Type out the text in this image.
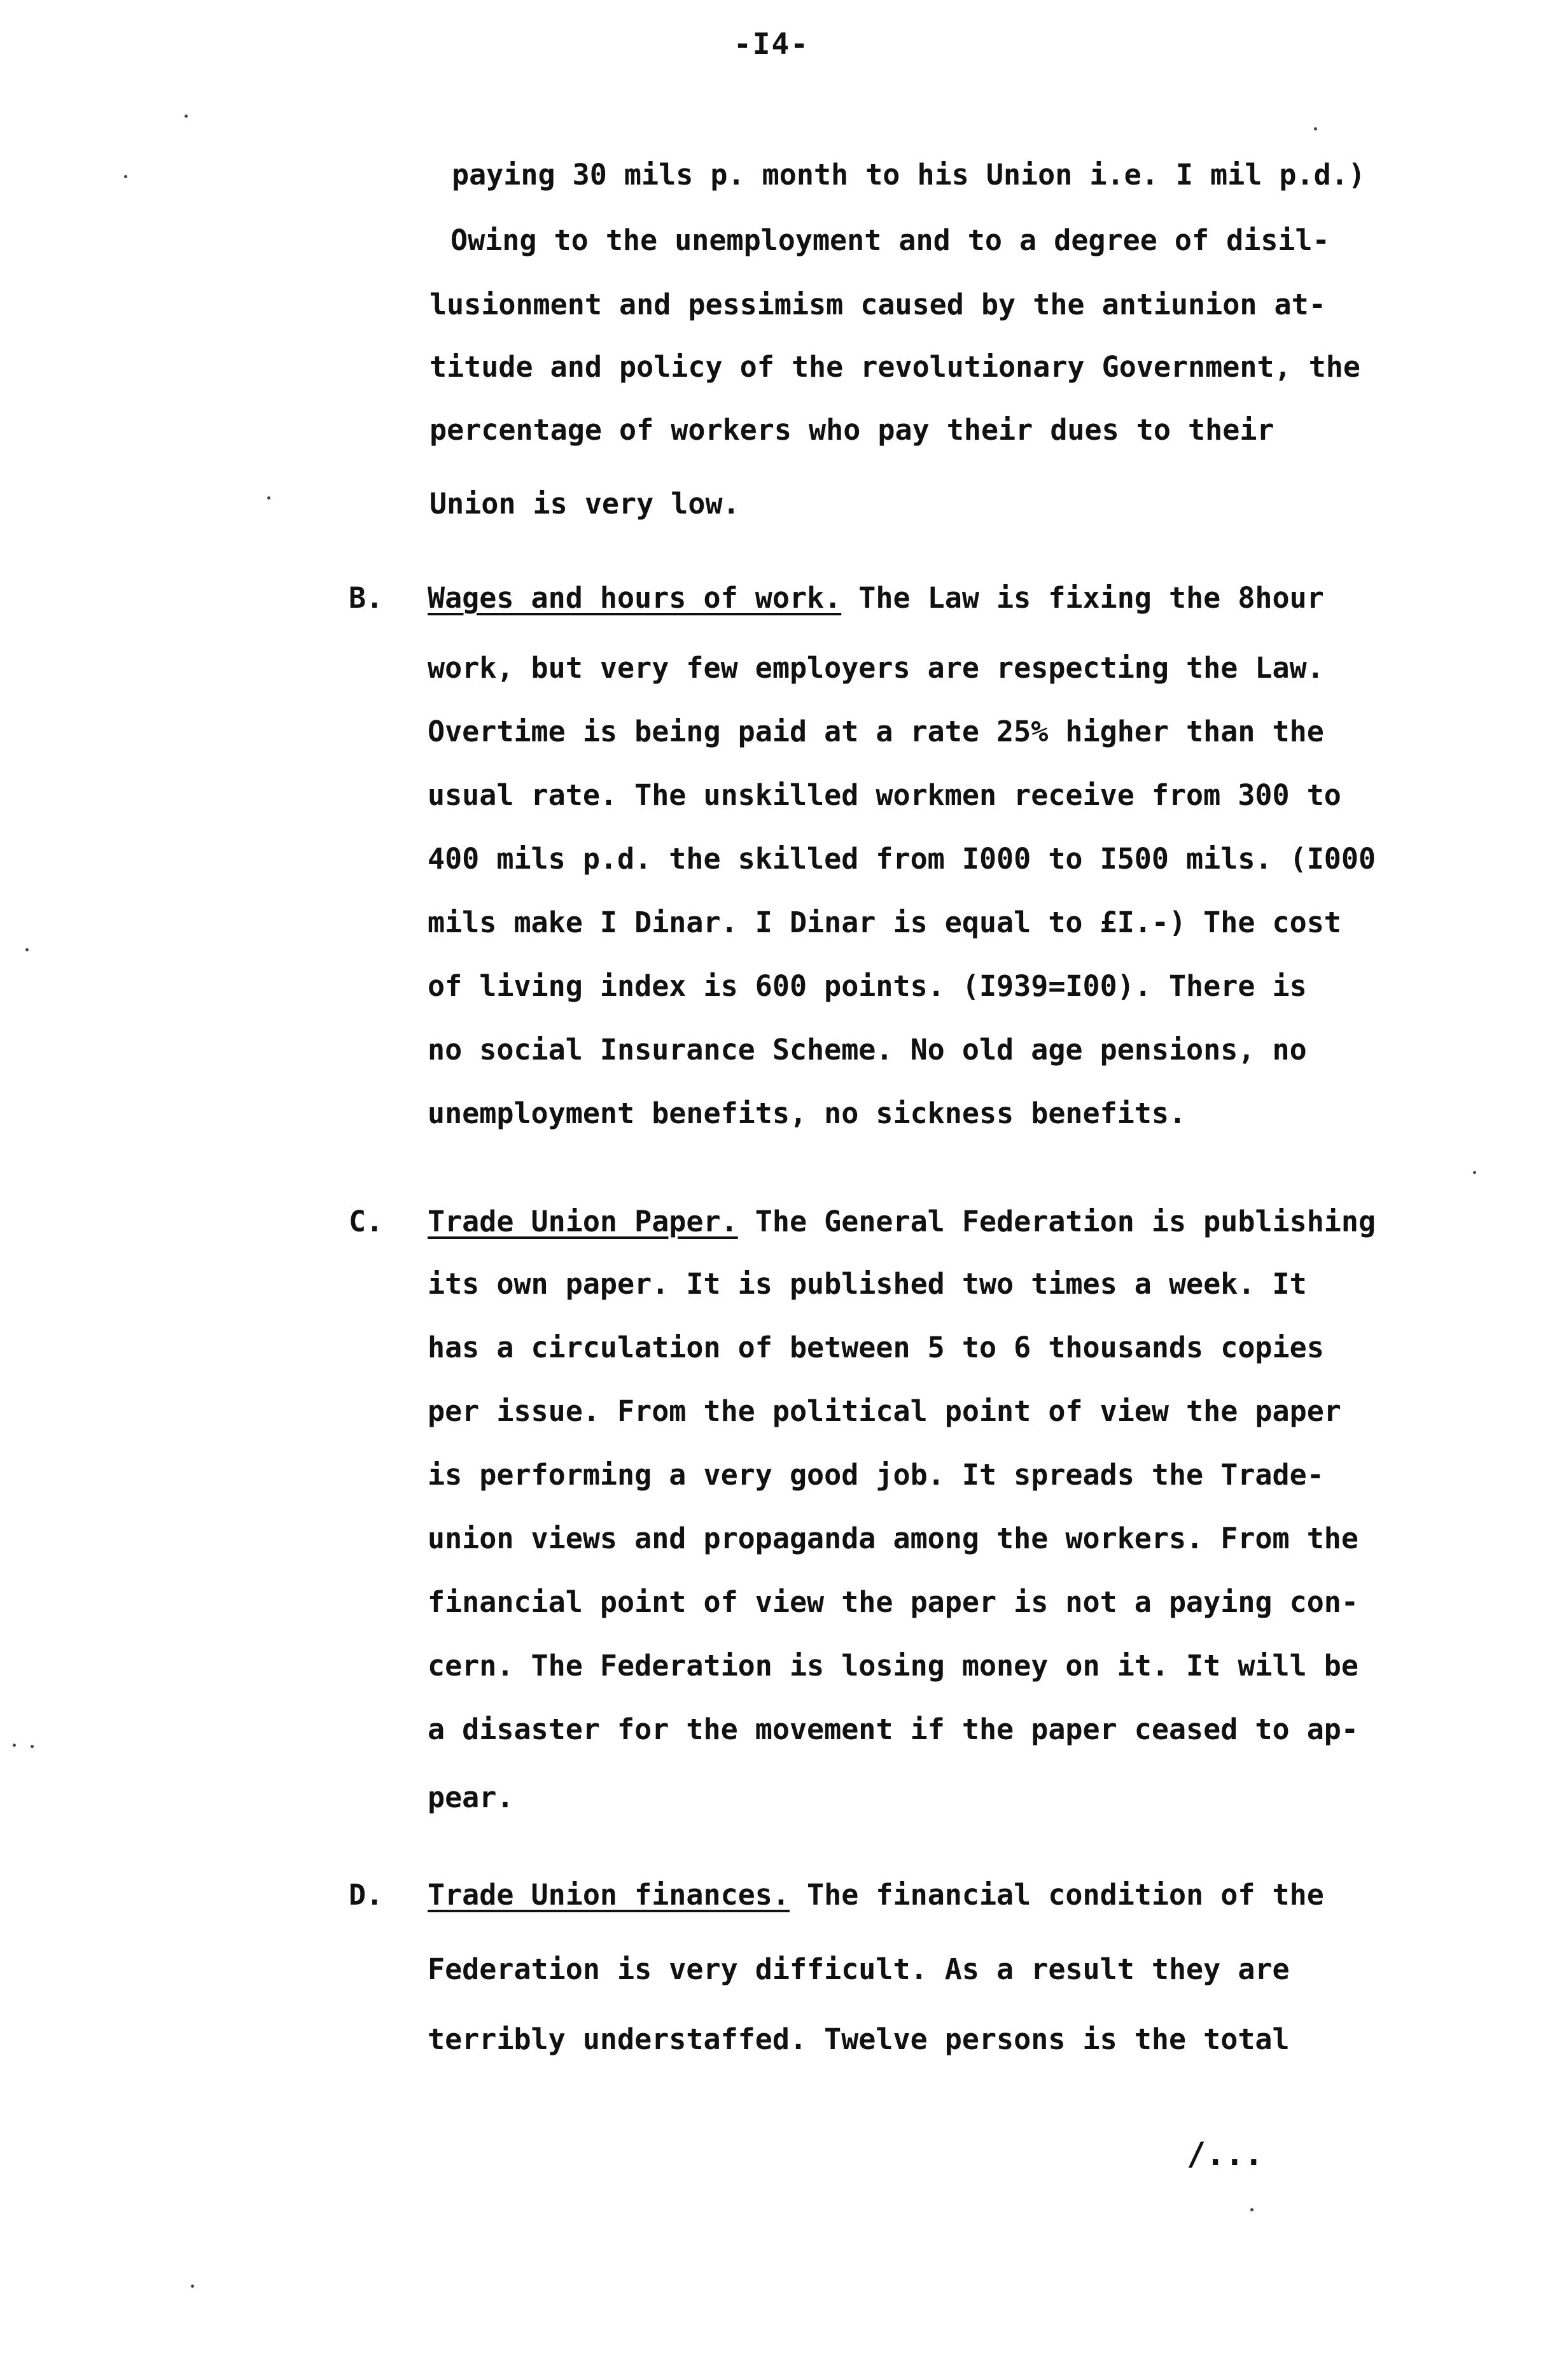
-I4-
paying 30 mils p. month to his Union i.e. I mil p.d.)
Owing to the unemployment and to a degree of disil-
lusionment and pessimism caused by the antiunion at-
titude and policy of the revolutionary Government, the
percentage of workers who pay their dues to their
Union is very low.
B. Wages and hours of work. The Law is fixing the 8hour
work, but very few employers are respecting the Law.
Overtime is being paid at a rate 25% higher than the
usual rate. The unskilled workmen receive from 300 to
400 mils p.d. the skilled from I000 to I500 mils. (I000
mils make I Dinar. I Dinar is equal to £I.-) The cost
of living index is 600 points. (I939=I00). There is
no social Insurance Scheme. No old age pensions, no
unemployment benefits, no sickness benefits.
C. Trade Union Paper. The General Federation is publishing
its own paper. It is published two times a week. It
has a circulation of between 5 to 6 thousands copies
per issue. From the political point of view the paper
is performing a very good job. It spreads the Trade-
union views and propaganda among the workers. From the
financial point of view the paper is not a paying con-
cern. The Federation is losing money on it. It will be
a disaster for the movement if the paper ceased to ap-
pear.
D. Trade Union finances. The financial condition of the
Federation is very difficult. As a result they are
terribly understaffed. Twelve persons is the total
/...
